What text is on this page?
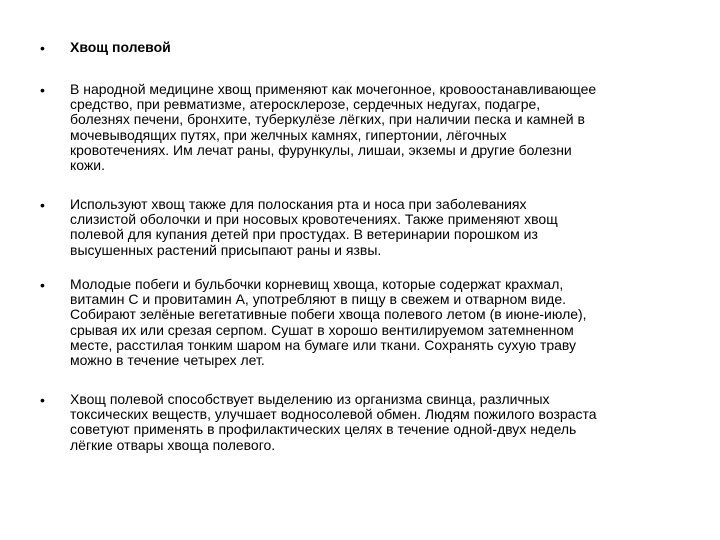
• Хвощ полевой

• В народной медицине хвощ применяют как мочегонное, кровоостанавливающее
средство, при ревматизме, атеросклерозе, сердечных недугах, подагре,
болезнях печени, бронхите, туберкулёзе лёгких, при наличии песка и камней в
мочевыводящих путях, при желчных камнях, гипертонии, лёгочных
кровотечениях. Им лечат раны, фурункулы, лишаи, экземы и другие болезни
кожи.

• Используют хвощ также для полоскания рта и носа при заболеваниях
слизистой оболочки и при носовых кровотечениях. Также применяют хвощ
полевой для купания детей при простудах. В ветеринарии порошком из
высушенных растений присыпают раны и язвы.

• Молодые побеги и бульбочки корневищ хвоща, которые содержат крахмал,
витамин С и провитамин А, употребляют в пищу в свежем и отварном виде.
Собирают зелёные вегетативные побеги хвоща полевого летом (в июне-июле),
срывая их или срезая серпом. Сушат в хорошо вентилируемом затемненном
месте, расстилая тонким шаром на бумаге или ткани. Сохранять сухую траву
можно в течение четырех лет.

• Хвощ полевой способствует выделению из организма свинца, различных
токсических веществ, улучшает водносолевой обмен. Людям пожилого возраста
советуют применять в профилактических целях в течение одной-двух недель
лёгкие отвары хвоща полевого.
